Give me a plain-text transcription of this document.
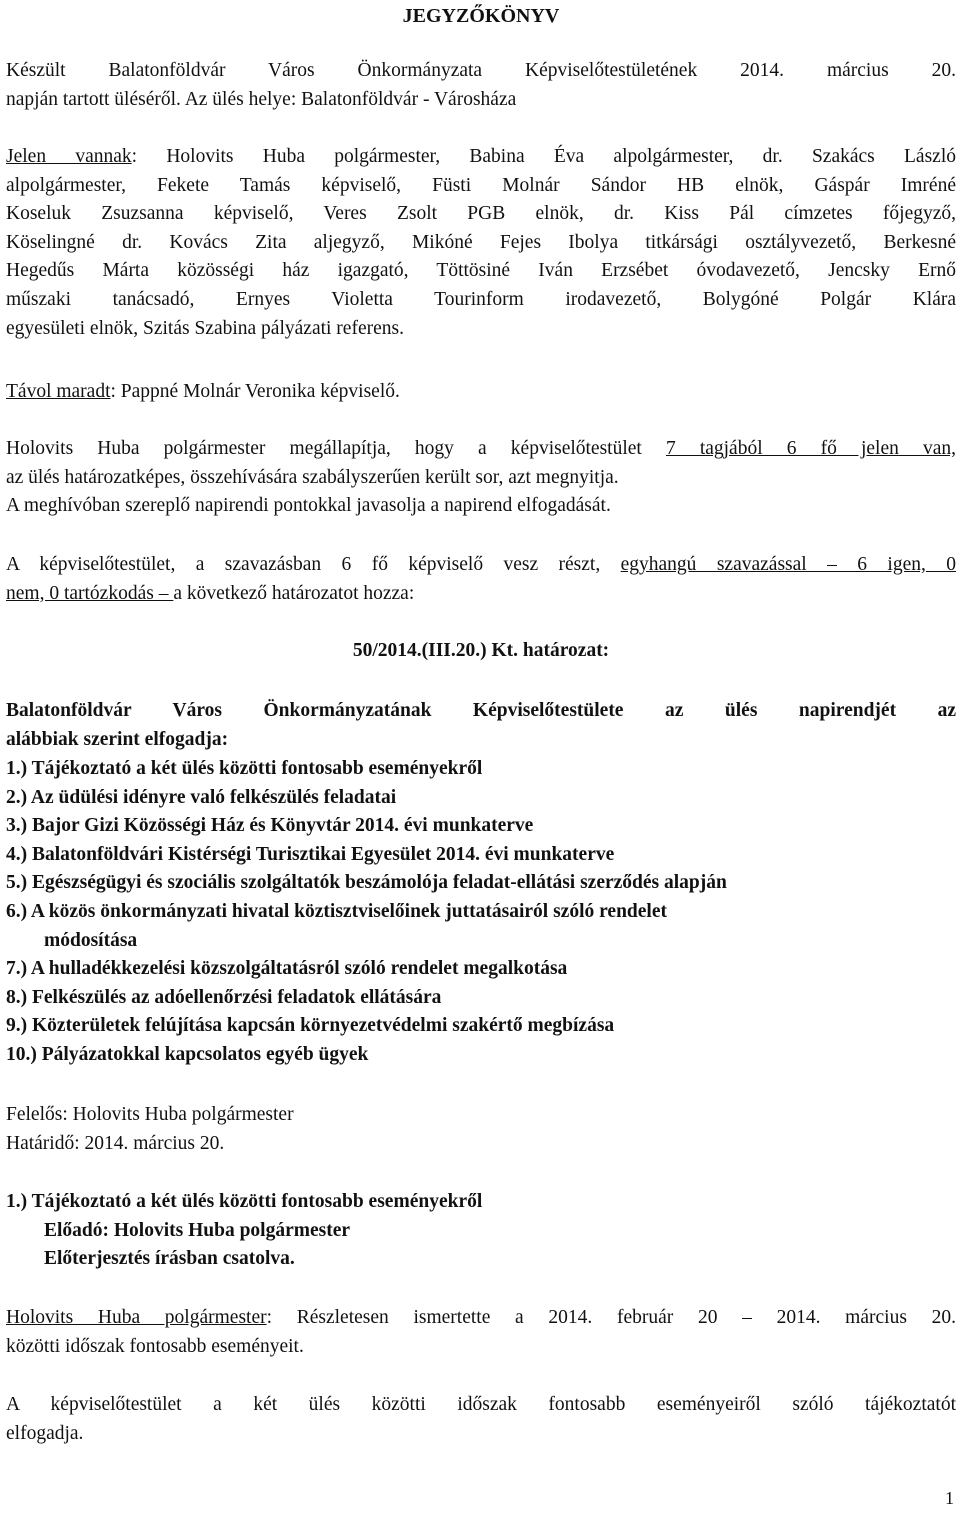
JEGYZŐKÖNYV
Készült Balatonföldvár Város Önkormányzata Képviselőtestületének 2014. március 20.
napján tartott üléséről. Az ülés helye: Balatonföldvár - Városháza
Jelen vannak: Holovits Huba polgármester, Babina Éva alpolgármester, dr. Szakács László
alpolgármester, Fekete Tamás képviselő, Füsti Molnár Sándor HB elnök, Gáspár Imréné
Koseluk Zsuzsanna képviselő, Veres Zsolt PGB elnök, dr. Kiss Pál címzetes főjegyző,
Köselingné dr. Kovács Zita aljegyző, Mikóné Fejes Ibolya titkársági osztályvezető, Berkesné
Hegedűs Márta közösségi ház igazgató, Töttösiné Iván Erzsébet óvodavezető, Jencsky Ernő
műszaki tanácsadó, Ernyes Violetta Tourinform irodavezető, Bolygóné Polgár Klára
egyesületi elnök, Szitás Szabina pályázati referens.
Távol maradt: Pappné Molnár Veronika képviselő.
Holovits Huba polgármester megállapítja, hogy a képviselőtestület 7 tagjából 6 fő jelen van,
az ülés határozatképes, összehívására szabályszerűen került sor, azt megnyitja.
A meghívóban szereplő napirendi pontokkal javasolja a napirend elfogadását.
A képviselőtestület, a szavazásban 6 fő képviselő vesz részt, egyhangú szavazással – 6 igen, 0
nem, 0 tartózkodás – a következő határozatot hozza:
50/2014.(III.20.) Kt. határozat:
Balatonföldvár Város Önkormányzatának Képviselőtestülete az ülés napirendjét az
alábbiak szerint elfogadja:
1.) Tájékoztató a két ülés közötti fontosabb eseményekről
2.) Az üdülési idényre való felkészülés feladatai
3.) Bajor Gizi Közösségi Ház és Könyvtár 2014. évi munkaterve
4.) Balatonföldvári Kistérségi Turisztikai Egyesület 2014. évi munkaterve
5.) Egészségügyi és szociális szolgáltatók beszámolója feladat-ellátási szerződés alapján
6.) A közös önkormányzati hivatal köztisztviselőinek juttatásairól szóló rendelet
módosítása
7.) A hulladékkezelési közszolgáltatásról szóló rendelet megalkotása
8.) Felkészülés az adóellenőrzési feladatok ellátására
9.) Közterületek felújítása kapcsán környezetvédelmi szakértő megbízása
10.) Pályázatokkal kapcsolatos egyéb ügyek
Felelős: Holovits Huba polgármester
Határidő: 2014. március 20.
1.) Tájékoztató a két ülés közötti fontosabb eseményekről
Előadó: Holovits Huba polgármester
Előterjesztés írásban csatolva.
Holovits Huba polgármester: Részletesen ismertette a 2014. február 20 – 2014. március 20.
közötti időszak fontosabb eseményeit.
A képviselőtestület a két ülés közötti időszak fontosabb eseményeiről szóló tájékoztatót
elfogadja.
1
